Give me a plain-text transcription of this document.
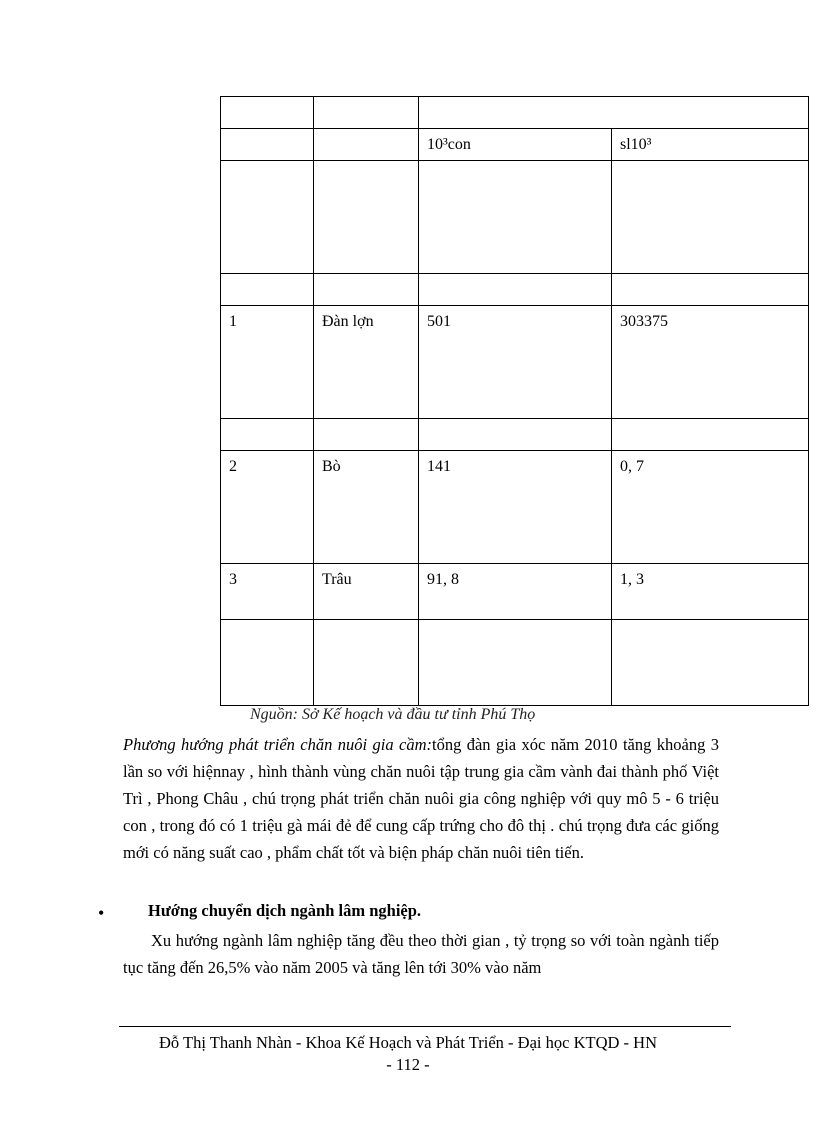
		10³con	sl10³

1	Đàn lợn	501	303375

2	Bò	141	0, 7

3	Trâu	91, 8	1, 3

Nguồn: Sở Kế hoạch và đầu tư tỉnh Phú Thọ

Phương hướng phát triển chăn nuôi gia cầm:tổng đàn gia xóc năm 2010 tăng khoảng 3 lần so với hiệnnay , hình thành vùng chăn nuôi tập trung gia cầm vành đai thành phố Việt Trì , Phong Châu , chú trọng phát triển chăn nuôi gia công nghiệp với quy mô 5 - 6 triệu con , trong đó có 1 triệu gà mái đẻ để cung cấp trứng cho đô thị . chú trọng đưa các giống mới có năng suất cao , phẩm chất tốt và biện pháp chăn nuôi tiên tiến.

•	Hướng chuyển dịch ngành lâm nghiệp.

Xu hướng ngành lâm nghiệp tăng đều theo thời gian , tỷ trọng so với toàn ngành tiếp tục tăng đến 26,5% vào năm 2005 và tăng lên tới 30% vào năm

Đỗ Thị Thanh Nhàn - Khoa Kế Hoạch và Phát Triển - Đại học KTQD - HN
- 112 -
